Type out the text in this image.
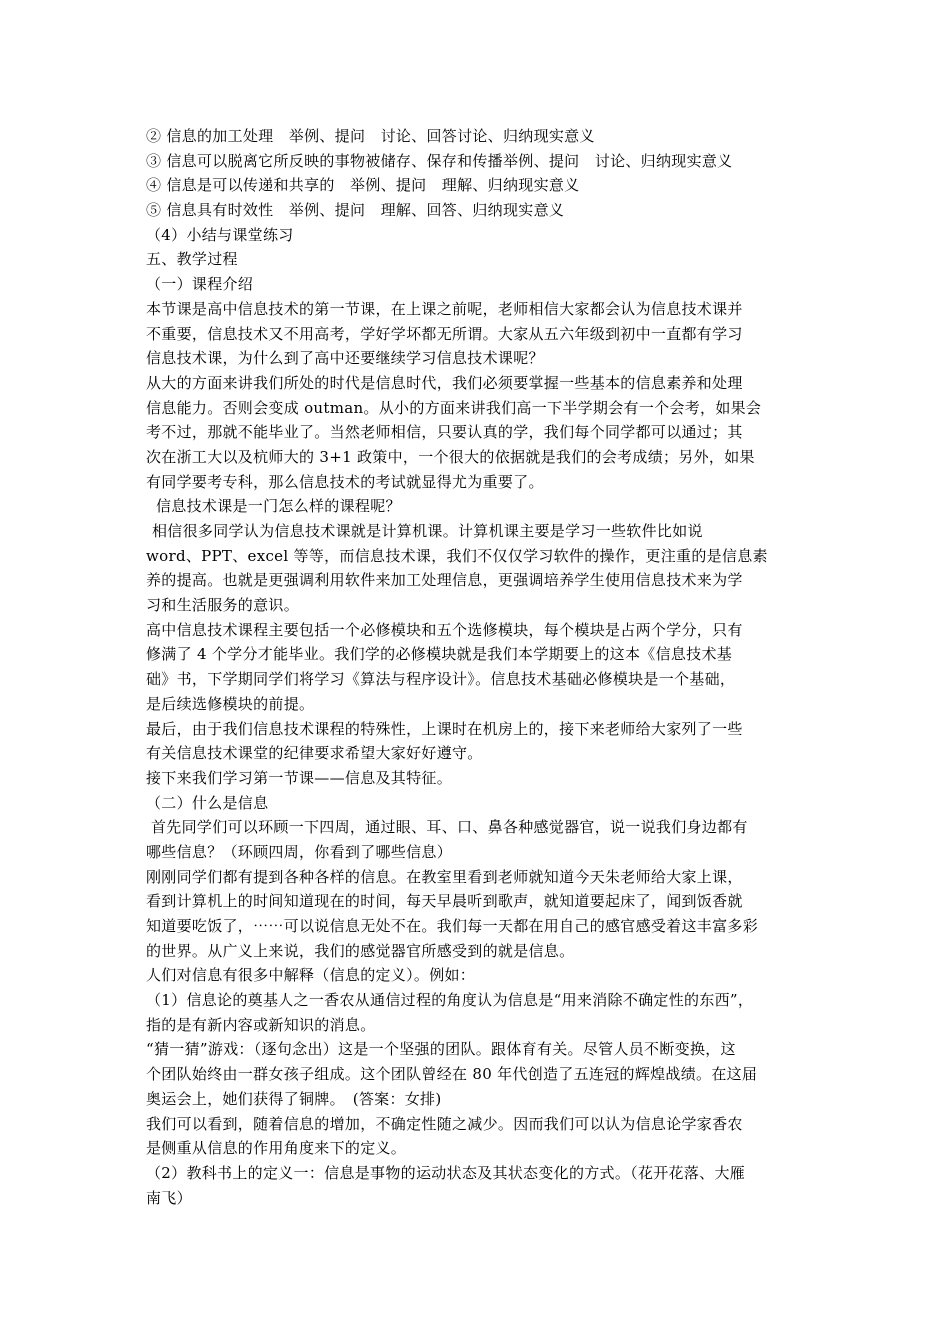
② 信息的加工处理　举例、提问　讨论、回答讨论、归纳现实意义
③ 信息可以脱离它所反映的事物被储存、保存和传播举例、提问　讨论、归纳现实意义
④ 信息是可以传递和共享的　举例、提问　理解、归纳现实意义
⑤ 信息具有时效性　举例、提问　理解、回答、归纳现实意义
（4）小结与课堂练习
五、教学过程
（一）课程介绍
本节课是高中信息技术的第一节课，在上课之前呢，老师相信大家都会认为信息技术课并
不重要，信息技术又不用高考，学好学坏都无所谓。大家从五六年级到初中一直都有学习
信息技术课，为什么到了高中还要继续学习信息技术课呢？
从大的方面来讲我们所处的时代是信息时代，我们必须要掌握一些基本的信息素养和处理
信息能力。否则会变成 outman。从小的方面来讲我们高一下半学期会有一个会考，如果会
考不过，那就不能毕业了。当然老师相信，只要认真的学，我们每个同学都可以通过；其
次在浙工大以及杭师大的 3+1 政策中，一个很大的依据就是我们的会考成绩；另外，如果
有同学要考专科，那么信息技术的考试就显得尤为重要了。
信息技术课是一门怎么样的课程呢？
相信很多同学认为信息技术课就是计算机课。计算机课主要是学习一些软件比如说
word、PPT、excel 等等，而信息技术课，我们不仅仅学习软件的操作，更注重的是信息素
养的提高。也就是更强调利用软件来加工处理信息，更强调培养学生使用信息技术来为学
习和生活服务的意识。
高中信息技术课程主要包括一个必修模块和五个选修模块，每个模块是占两个学分，只有
修满了 4 个学分才能毕业。我们学的必修模块就是我们本学期要上的这本《信息技术基
础》书，下学期同学们将学习《算法与程序设计》。信息技术基础必修模块是一个基础，
是后续选修模块的前提。
最后，由于我们信息技术课程的特殊性，上课时在机房上的，接下来老师给大家列了一些
有关信息技术课堂的纪律要求希望大家好好遵守。
接下来我们学习第一节课——信息及其特征。
（二）什么是信息
首先同学们可以环顾一下四周，通过眼、耳、口、鼻各种感觉器官，说一说我们身边都有
哪些信息？（环顾四周，你看到了哪些信息）
刚刚同学们都有提到各种各样的信息。在教室里看到老师就知道今天朱老师给大家上课，
看到计算机上的时间知道现在的时间，每天早晨听到歌声，就知道要起床了，闻到饭香就
知道要吃饭了，⋯⋯可以说信息无处不在。我们每一天都在用自己的感官感受着这丰富多彩
的世界。从广义上来说，我们的感觉器官所感受到的就是信息。
人们对信息有很多中解释（信息的定义）。例如：
（1）信息论的奠基人之一香农从通信过程的角度认为信息是“用来消除不确定性的东西”，
指的是有新内容或新知识的消息。
“猜一猜”游戏：（逐句念出）这是一个坚强的团队。跟体育有关。尽管人员不断变换，这
个团队始终由一群女孩子组成。这个团队曾经在 80 年代创造了五连冠的辉煌战绩。在这届
奥运会上，她们获得了铜牌。　(答案：女排)
我们可以看到，随着信息的增加，不确定性随之减少。因而我们可以认为信息论学家香农
是侧重从信息的作用角度来下的定义。
（2）教科书上的定义一：信息是事物的运动状态及其状态变化的方式。（花开花落、大雁
南飞）
